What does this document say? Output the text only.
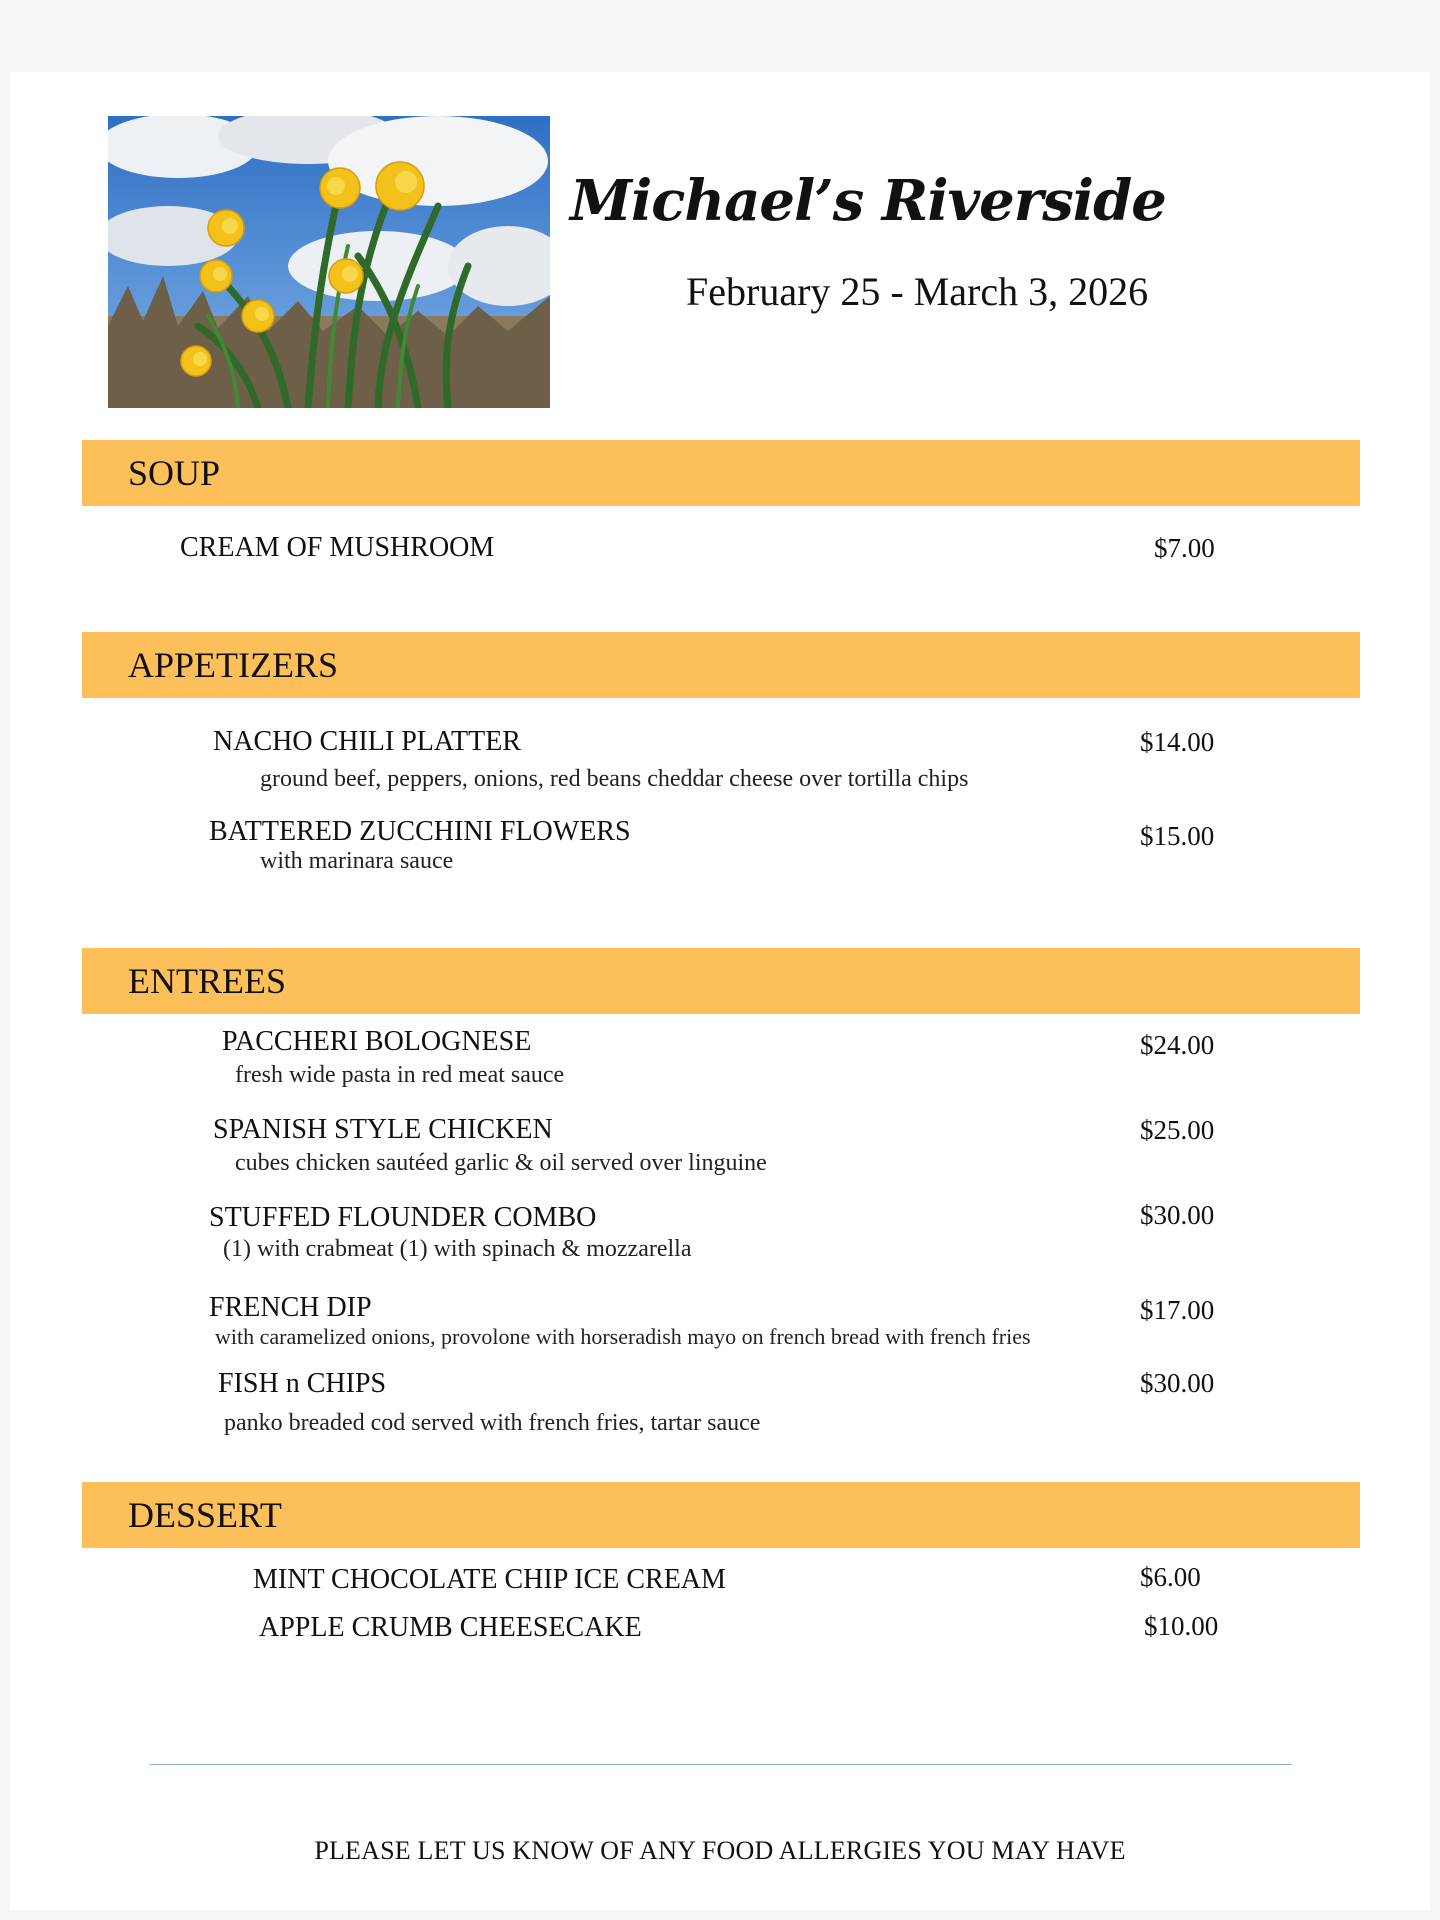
Michael’s Riverside
February 25 - March 3, 2026
SOUP
CREAM OF MUSHROOM	$7.00
APPETIZERS
NACHO CHILI PLATTER	$14.00
ground beef, peppers, onions, red beans cheddar cheese over tortilla chips
BATTERED ZUCCHINI FLOWERS	$15.00
with marinara sauce
ENTREES
PACCHERI BOLOGNESE	$24.00
fresh wide pasta in red meat sauce
SPANISH STYLE CHICKEN	$25.00
cubes chicken sautéed garlic & oil served over linguine
STUFFED FLOUNDER COMBO	$30.00
(1) with crabmeat (1) with spinach & mozzarella
FRENCH DIP	$17.00
with caramelized onions, provolone with horseradish mayo on french bread with french fries
FISH n CHIPS	$30.00
panko breaded cod served with french fries, tartar sauce
DESSERT
MINT CHOCOLATE CHIP ICE CREAM	$6.00
APPLE CRUMB CHEESECAKE	$10.00
PLEASE LET US KNOW OF ANY FOOD ALLERGIES YOU MAY HAVE
